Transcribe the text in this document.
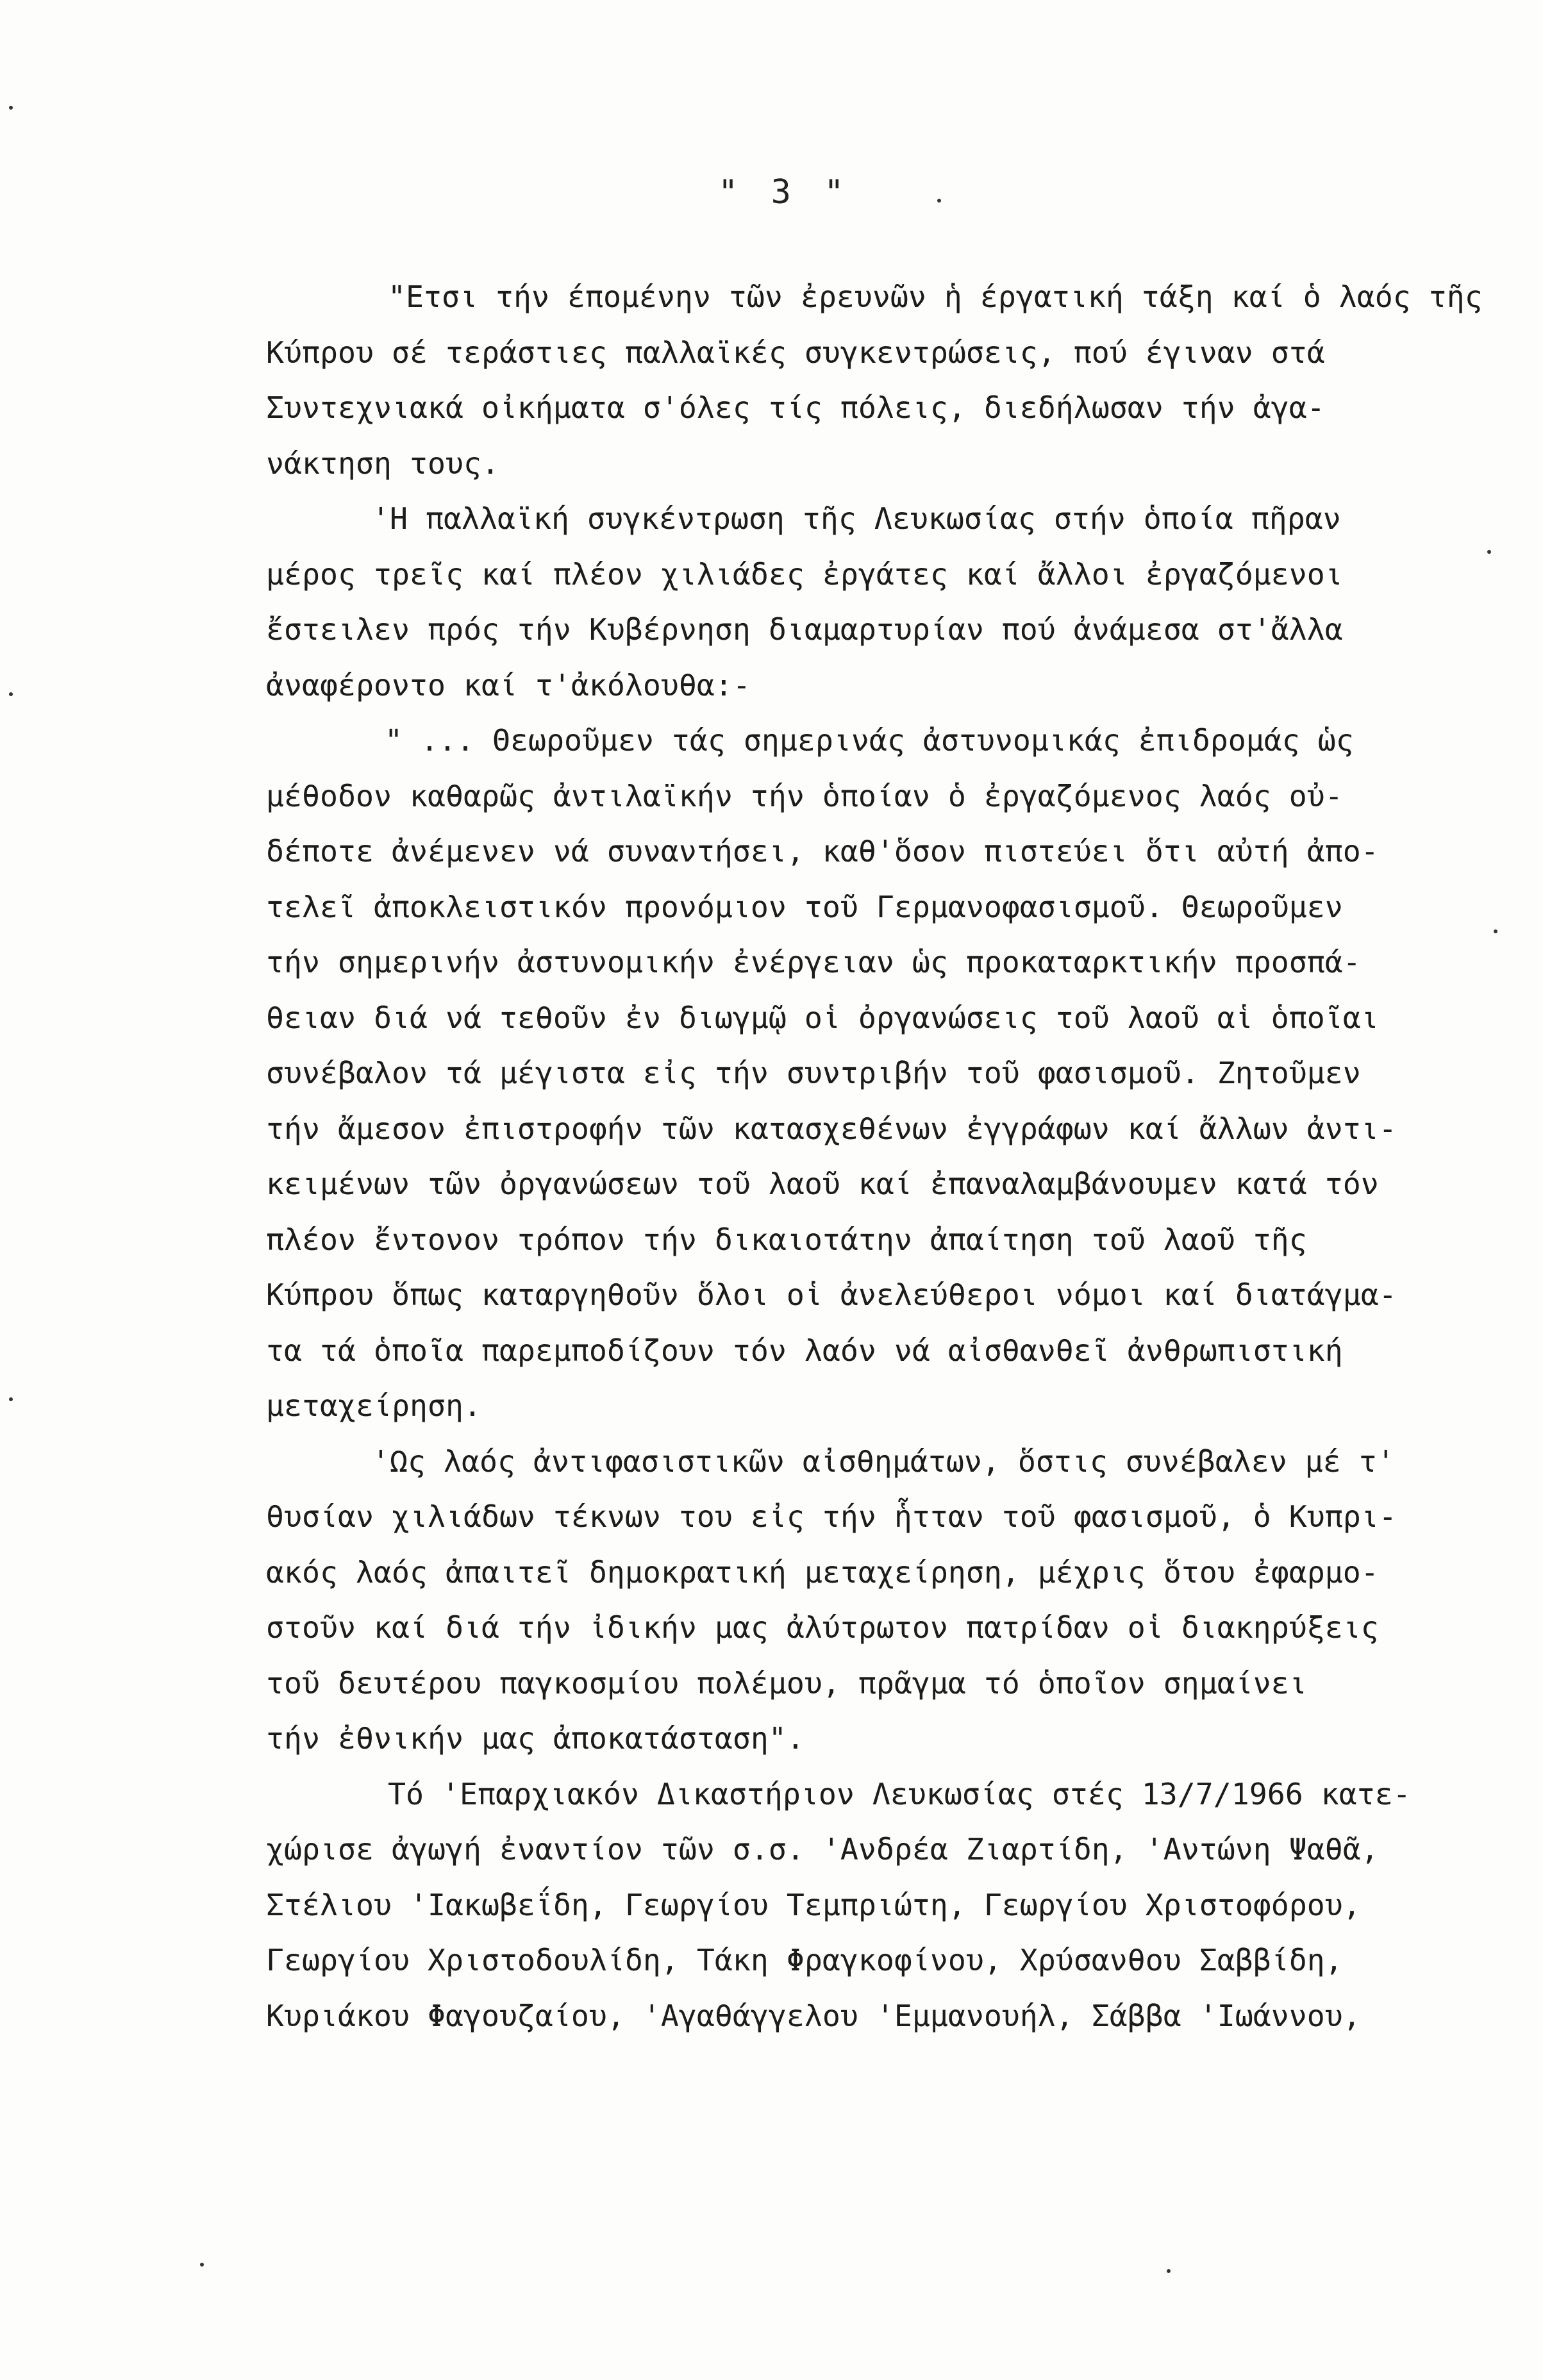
" 3 "
"Ετσι τήν έπομένην τῶν ἐρευνῶν ἡ έργατική τάξη καί ὁ λαός τῆς
Κύπρου σέ τεράστιες παλλαϊκές συγκεντρώσεις, πού έγιναν στά
Συντεχνιακά οἰκήματα σ'όλες τίς πόλεις, διεδήλωσαν τήν ἀγα-
νάκτηση τους.
'Η παλλαϊκή συγκέντρωση τῆς Λευκωσίας στήν ὁποία πῆραν
μέρος τρεῖς καί πλέον χιλιάδες ἐργάτες καί ἄλλοι ἐργαζόμενοι
ἔστειλεν πρός τήν Κυβέρνηση διαμαρτυρίαν πού ἀνάμεσα στ'ἄλλα
ἀναφέροντο καί τ'ἀκόλουθα:-
" ... Θεωροῦμεν τάς σημερινάς ἀστυνομικάς ἐπιδρομάς ὡς
μέθοδον καθαρῶς ἀντιλαϊκήν τήν ὁποίαν ὁ ἐργαζόμενος λαός οὐ-
δέποτε ἀνέμενεν νά συναντήσει, καθ'ὅσον πιστεύει ὅτι αὐτή ἀπο-
τελεῖ ἀποκλειστικόν προνόμιον τοῦ Γερμανοφασισμοῦ. Θεωροῦμεν
τήν σημερινήν ἀστυνομικήν ἐνέργειαν ὡς προκαταρκτικήν προσπά-
θειαν διά νά τεθοῦν ἐν διωγμῷ οἱ ὀργανώσεις τοῦ λαοῦ αἱ ὁποῖαι
συνέβαλον τά μέγιστα εἰς τήν συντριβήν τοῦ φασισμοῦ. Ζητοῦμεν
τήν ἄμεσον ἐπιστροφήν τῶν κατασχεθένων ἐγγράφων καί ἄλλων ἀντι-
κειμένων τῶν ὀργανώσεων τοῦ λαοῦ καί ἐπαναλαμβάνουμεν κατά τόν
πλέον ἔντονον τρόπον τήν δικαιοτάτην ἀπαίτηση τοῦ λαοῦ τῆς
Κύπρου ὅπως καταργηθοῦν ὅλοι οἱ ἀνελεύθεροι νόμοι καί διατάγμα-
τα τά ὁποῖα παρεμποδίζουν τόν λαόν νά αἰσθανθεῖ ἀνθρωπιστική
μεταχείρηση.
'Ως λαός ἀντιφασιστικῶν αἰσθημάτων, ὅστις συνέβαλεν μέ τ'
θυσίαν χιλιάδων τέκνων του εἰς τήν ἧτταν τοῦ φασισμοῦ, ὁ Κυπρι-
ακός λαός ἀπαιτεῖ δημοκρατική μεταχείρηση, μέχρις ὅτου ἐφαρμο-
στοῦν καί διά τήν ἰδικήν μας ἀλύτρωτον πατρίδαν οἱ διακηρύξεις
τοῦ δευτέρου παγκοσμίου πολέμου, πρᾶγμα τό ὁποῖον σημαίνει
τήν ἐθνικήν μας ἀποκατάσταση".
Τό 'Επαρχιακόν Δικαστήριον Λευκωσίας στές 13/7/1966 κατε-
χώρισε ἀγωγή ἐναντίον τῶν σ.σ. 'Ανδρέα Ζιαρτίδη, 'Αντώνη Ψαθᾶ,
Στέλιου 'Ιακωβεΐδη, Γεωργίου Τεμπριώτη, Γεωργίου Χριστοφόρου,
Γεωργίου Χριστοδουλίδη, Τάκη Φραγκοφίνου, Χρύσανθου Σαββίδη,
Κυριάκου Φαγουζαίου, 'Αγαθάγγελου 'Εμμανουήλ, Σάββα 'Ιωάννου,
